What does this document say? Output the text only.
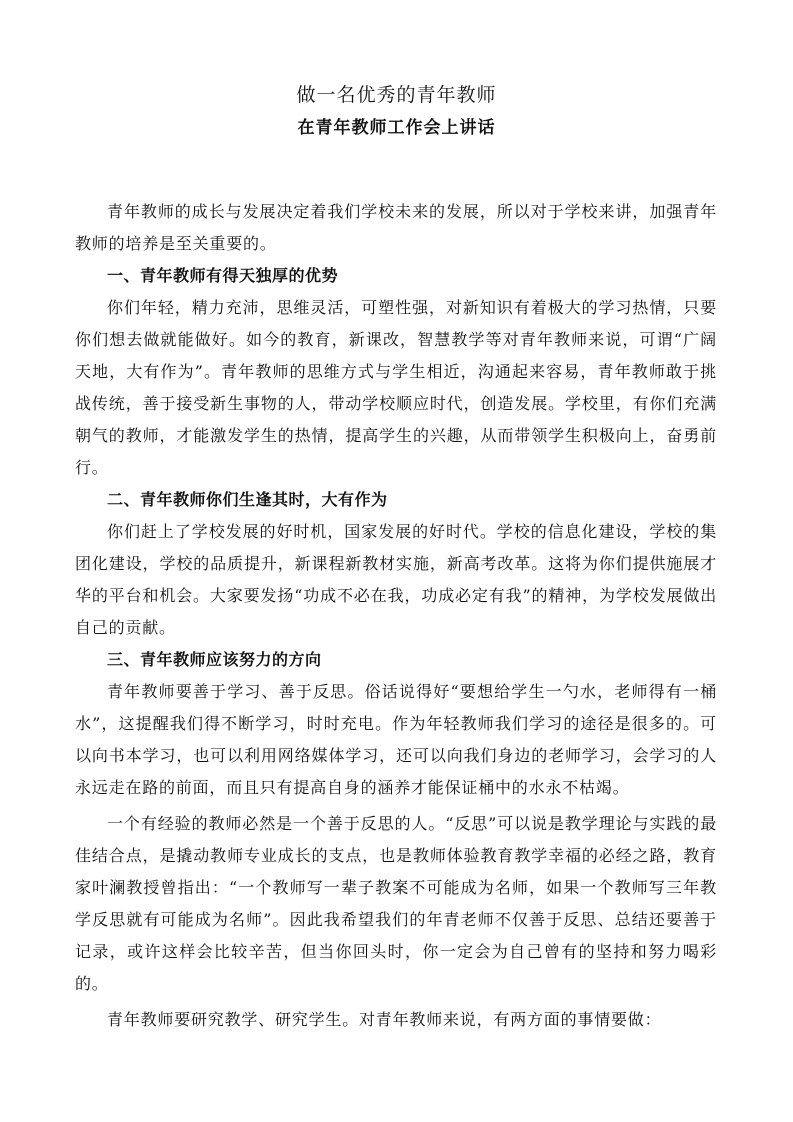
做一名优秀的青年教师
在青年教师工作会上讲话

青年教师的成长与发展决定着我们学校未来的发展，所以对于学校来讲，加强青年教师的培养是至关重要的。

一、青年教师有得天独厚的优势

你们年轻，精力充沛，思维灵活，可塑性强，对新知识有着极大的学习热情，只要你们想去做就能做好。如今的教育，新课改，智慧教学等对青年教师来说，可谓“广阔天地，大有作为”。青年教师的思维方式与学生相近，沟通起来容易，青年教师敢于挑战传统，善于接受新生事物的人，带动学校顺应时代，创造发展。学校里，有你们充满朝气的教师，才能激发学生的热情，提高学生的兴趣，从而带领学生积极向上，奋勇前行。

二、青年教师你们生逢其时，大有作为

你们赶上了学校发展的好时机，国家发展的好时代。学校的信息化建设，学校的集团化建设，学校的品质提升，新课程新教材实施，新高考改革。这将为你们提供施展才华的平台和机会。大家要发扬“功成不必在我，功成必定有我”的精神，为学校发展做出自己的贡献。

三、青年教师应该努力的方向

青年教师要善于学习、善于反思。俗话说得好“要想给学生一勺水，老师得有一桶水”，这提醒我们得不断学习，时时充电。作为年轻教师我们学习的途径是很多的。可以向书本学习，也可以利用网络媒体学习，还可以向我们身边的老师学习，会学习的人永远走在路的前面，而且只有提高自身的涵养才能保证桶中的水永不枯竭。

一个有经验的教师必然是一个善于反思的人。“反思”可以说是教学理论与实践的最佳结合点，是撬动教师专业成长的支点，也是教师体验教育教学幸福的必经之路，教育家叶澜教授曾指出：“一个教师写一辈子教案不可能成为名师，如果一个教师写三年教学反思就有可能成为名师”。因此我希望我们的年青老师不仅善于反思、总结还要善于记录，或许这样会比较辛苦，但当你回头时，你一定会为自己曾有的坚持和努力喝彩的。

青年教师要研究教学、研究学生。对青年教师来说，有两方面的事情要做：
